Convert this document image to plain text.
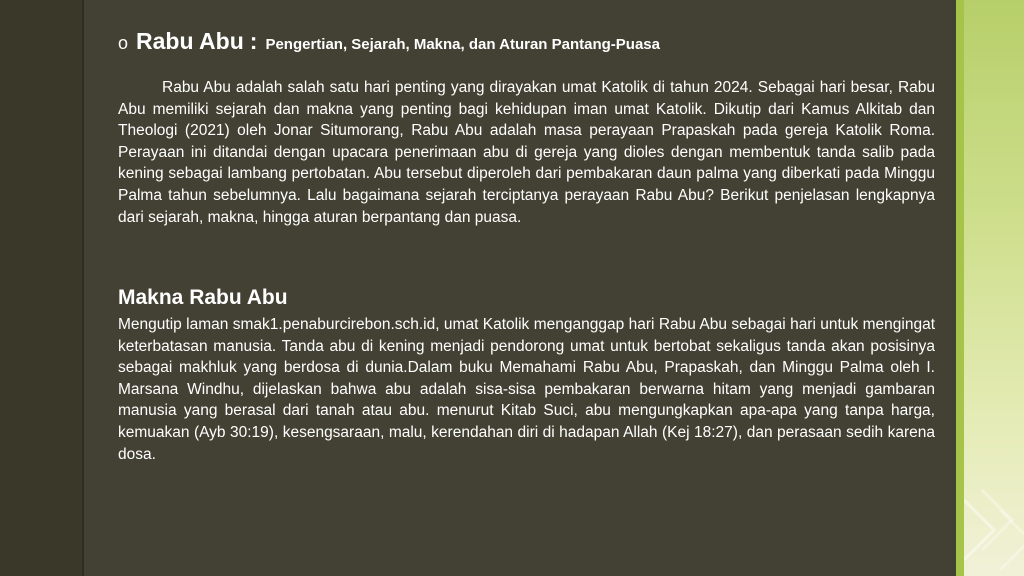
o Rabu Abu : Pengertian, Sejarah, Makna, dan Aturan Pantang-Puasa

Rabu Abu adalah salah satu hari penting yang dirayakan umat Katolik di tahun 2024. Sebagai hari besar, Rabu Abu memiliki sejarah dan makna yang penting bagi kehidupan iman umat Katolik. Dikutip dari Kamus Alkitab dan Theologi (2021) oleh Jonar Situmorang, Rabu Abu adalah masa perayaan Prapaskah pada gereja Katolik Roma. Perayaan ini ditandai dengan upacara penerimaan abu di gereja yang dioles dengan membentuk tanda salib pada kening sebagai lambang pertobatan. Abu tersebut diperoleh dari pembakaran daun palma yang diberkati pada Minggu Palma tahun sebelumnya. Lalu bagaimana sejarah terciptanya perayaan Rabu Abu? Berikut penjelasan lengkapnya dari sejarah, makna, hingga aturan berpantang dan puasa.

Makna Rabu Abu

Mengutip laman smak1.penaburcirebon.sch.id, umat Katolik menganggap hari Rabu Abu sebagai hari untuk mengingat keterbatasan manusia. Tanda abu di kening menjadi pendorong umat untuk bertobat sekaligus tanda akan posisinya sebagai makhluk yang berdosa di dunia.Dalam buku Memahami Rabu Abu, Prapaskah, dan Minggu Palma oleh I. Marsana Windhu, dijelaskan bahwa abu adalah sisa-sisa pembakaran berwarna hitam yang menjadi gambaran manusia yang berasal dari tanah atau abu. menurut Kitab Suci, abu mengungkapkan apa-apa yang tanpa harga, kemuakan (Ayb 30:19), kesengsaraan, malu, kerendahan diri di hadapan Allah (Kej 18:27), dan perasaan sedih karena dosa.
